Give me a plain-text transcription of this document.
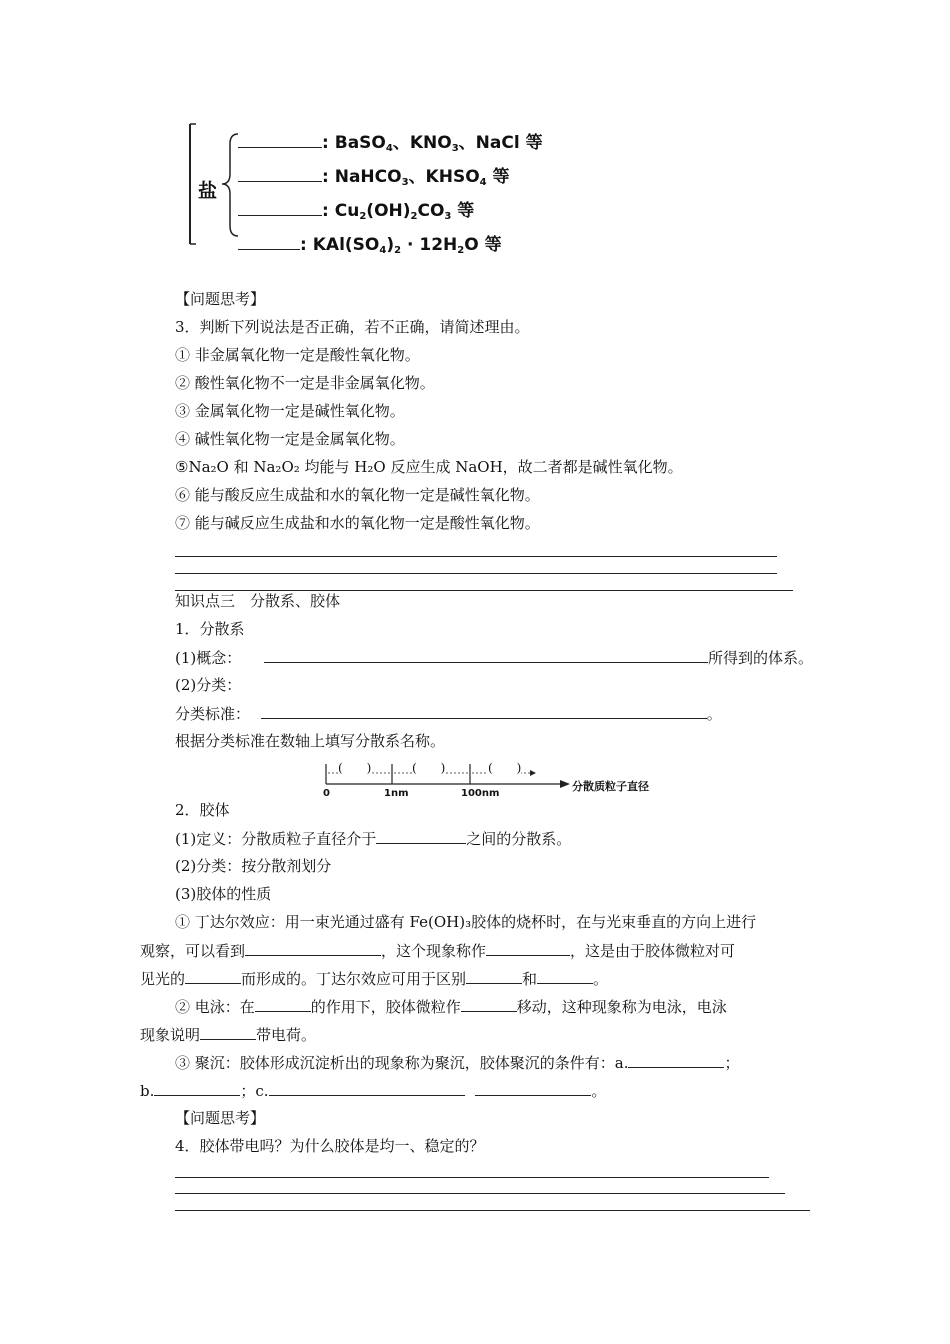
盐
: BaSO$_4$、$KNO_3$、NaCl 等
: NaHCO$_3$、$KHSO_4$ 等
: $Cu_2(OH)_2CO_3$ 等
: $KAl(SO_4)_2 \cdot 12H_2O$ 等
【问题思考】
3．判断下列说法是否正确，若不正确，请简述理由。
① 非金属氧化物一定是酸性氧化物。
② 酸性氧化物不一定是非金属氧化物。
③ 金属氧化物一定是碱性氧化物。
④ 碱性氧化物一定是金属氧化物。
⑤Na₂O 和 Na₂O₂ 均能与 H₂O 反应生成 NaOH，故二者都是碱性氧化物。
⑥ 能与酸反应生成盐和水的氧化物一定是碱性氧化物。
⑦ 能与碱反应生成盐和水的氧化物一定是酸性氧化物。
知识点三　分散系、胶体
1．分散系
(1)概念：	所得到的体系。
(2)分类：
分类标准：	。
根据分类标准在数轴上填写分散系名称。
(　　)	(　　)	(　　)
0	1nm	100nm
分散质粒子直径
2．胶体
(1)定义：分散质粒子直径介于	之间的分散系。
(2)分类：按分散剂划分
(3)胶体的性质
① 丁达尔效应：用一束光通过盛有 Fe(OH)₃胶体的烧杯时，在与光束垂直的方向上进行
观察，可以看到	，这个现象称作	，这是由于胶体微粒对可
见光的	而形成的。丁达尔效应可用于区别	和	。
② 电泳：在	的作用下，胶体微粒作	移动，这种现象称为电泳，电泳
现象说明	带电荷。
③ 聚沉：胶体形成沉淀析出的现象称为聚沉，胶体聚沉的条件有：a.	；
b.	；c.	。
【问题思考】
4．胶体带电吗？为什么胶体是均一、稳定的？
